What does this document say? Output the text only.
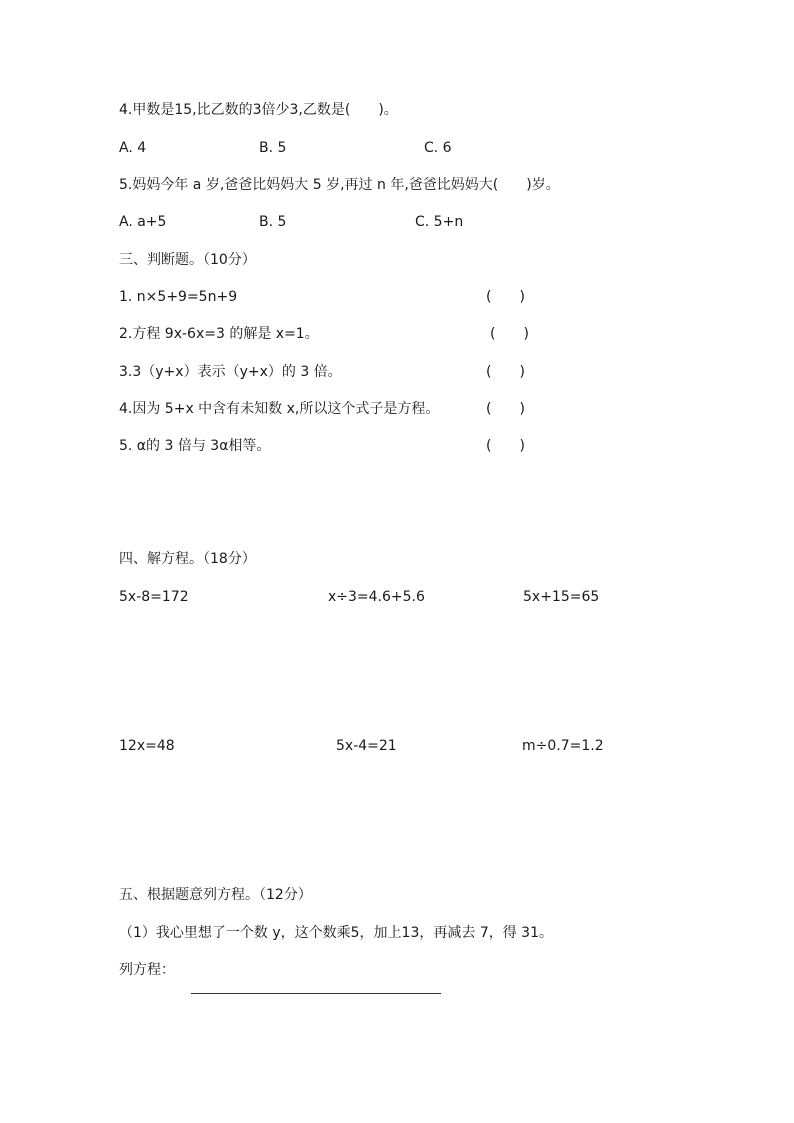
4.甲数是15,比乙数的3倍少3,乙数是(　　)。
A. 4	B. 5	C. 6
5.妈妈今年 a 岁,爸爸比妈妈大 5 岁,再过 n 年,爸爸比妈妈大(　　)岁。
A. a+5	B. 5	C. 5+n
三、判断题。（10分）
1. n×5+9=5n+9	(　　)
2.方程 9x-6x=3 的解是 x=1。	(　　)
3.3（y+x）表示（y+x）的 3 倍。	(　　)
4.因为 5+x 中含有未知数 x,所以这个式子是方程。	(　　)
5. α的 3 倍与 3α相等。	(　　)
四、解方程。（18分）
5x-8=172	x÷3=4.6+5.6	5x+15=65
12x=48	5x-4=21	m÷0.7=1.2
五、根据题意列方程。（12分）
（1）我心里想了一个数 y，这个数乘5，加上13，再减去 7，得 31。
列方程：
